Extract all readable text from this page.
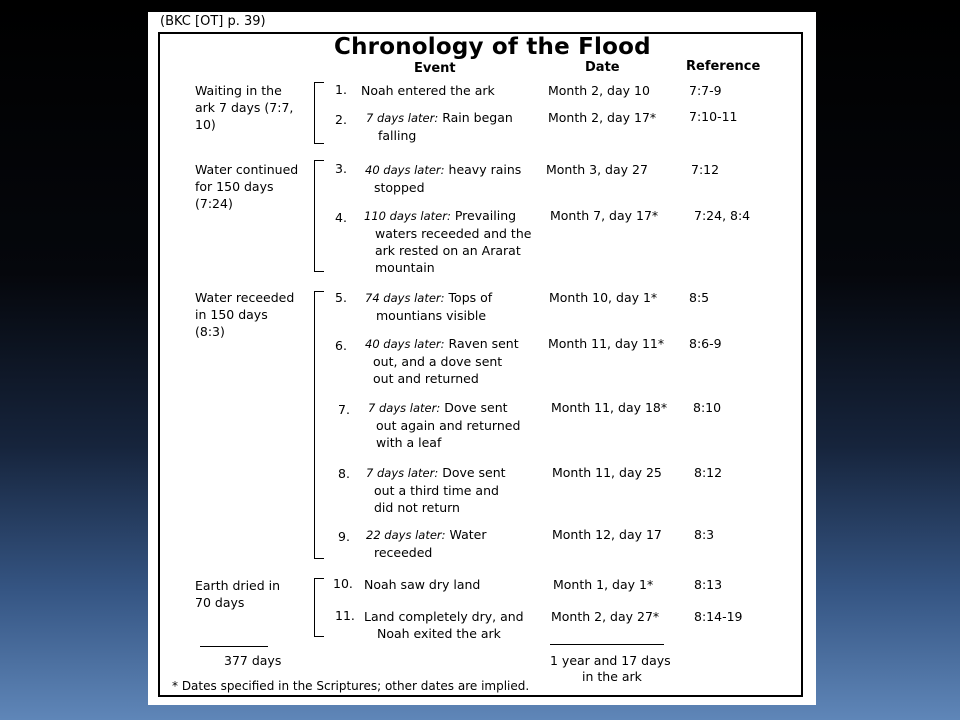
(BKC [OT] p. 39)
Chronology of the Flood
Event	Date	Reference
Waiting in the
ark 7 days (7:7,
10)
Water continued
for 150 days
(7:24)
Water receeded
in 150 days
(8:3)
Earth dried in
70 days
1. Noah entered the ark	Month 2, day 10	7:7-9
2. 7 days later: Rain began
falling
Month 2, day 17*	7:10-11
3. 40 days later: heavy rains
stopped
Month 3, day 27	7:12
4. 110 days later: Prevailing
waters receeded and the
ark rested on an Ararat
mountain
Month 7, day 17*	7:24, 8:4
5. 74 days later: Tops of
mountians visible
Month 10, day 1*	8:5
6. 40 days later: Raven sent
out, and a dove sent
out and returned
Month 11, day 11* 8:6-9
7. 7 days later: Dove sent
out again and returned
with a leaf
Month 11, day 18* 8:10
8. 7 days later: Dove sent
out a third time and
did not return
Month 11, day 25	8:12
9. 22 days later: Water
receeded
Month 12, day 17	8:3
10. Noah saw dry land	Month 1, day 1*	8:13
11. Land completely dry, and
Noah exited the ark
Month 2, day 27*	8:14-19
377 days	1 year and 17 days
in the ark
* Dates specified in the Scriptures; other dates are implied.
